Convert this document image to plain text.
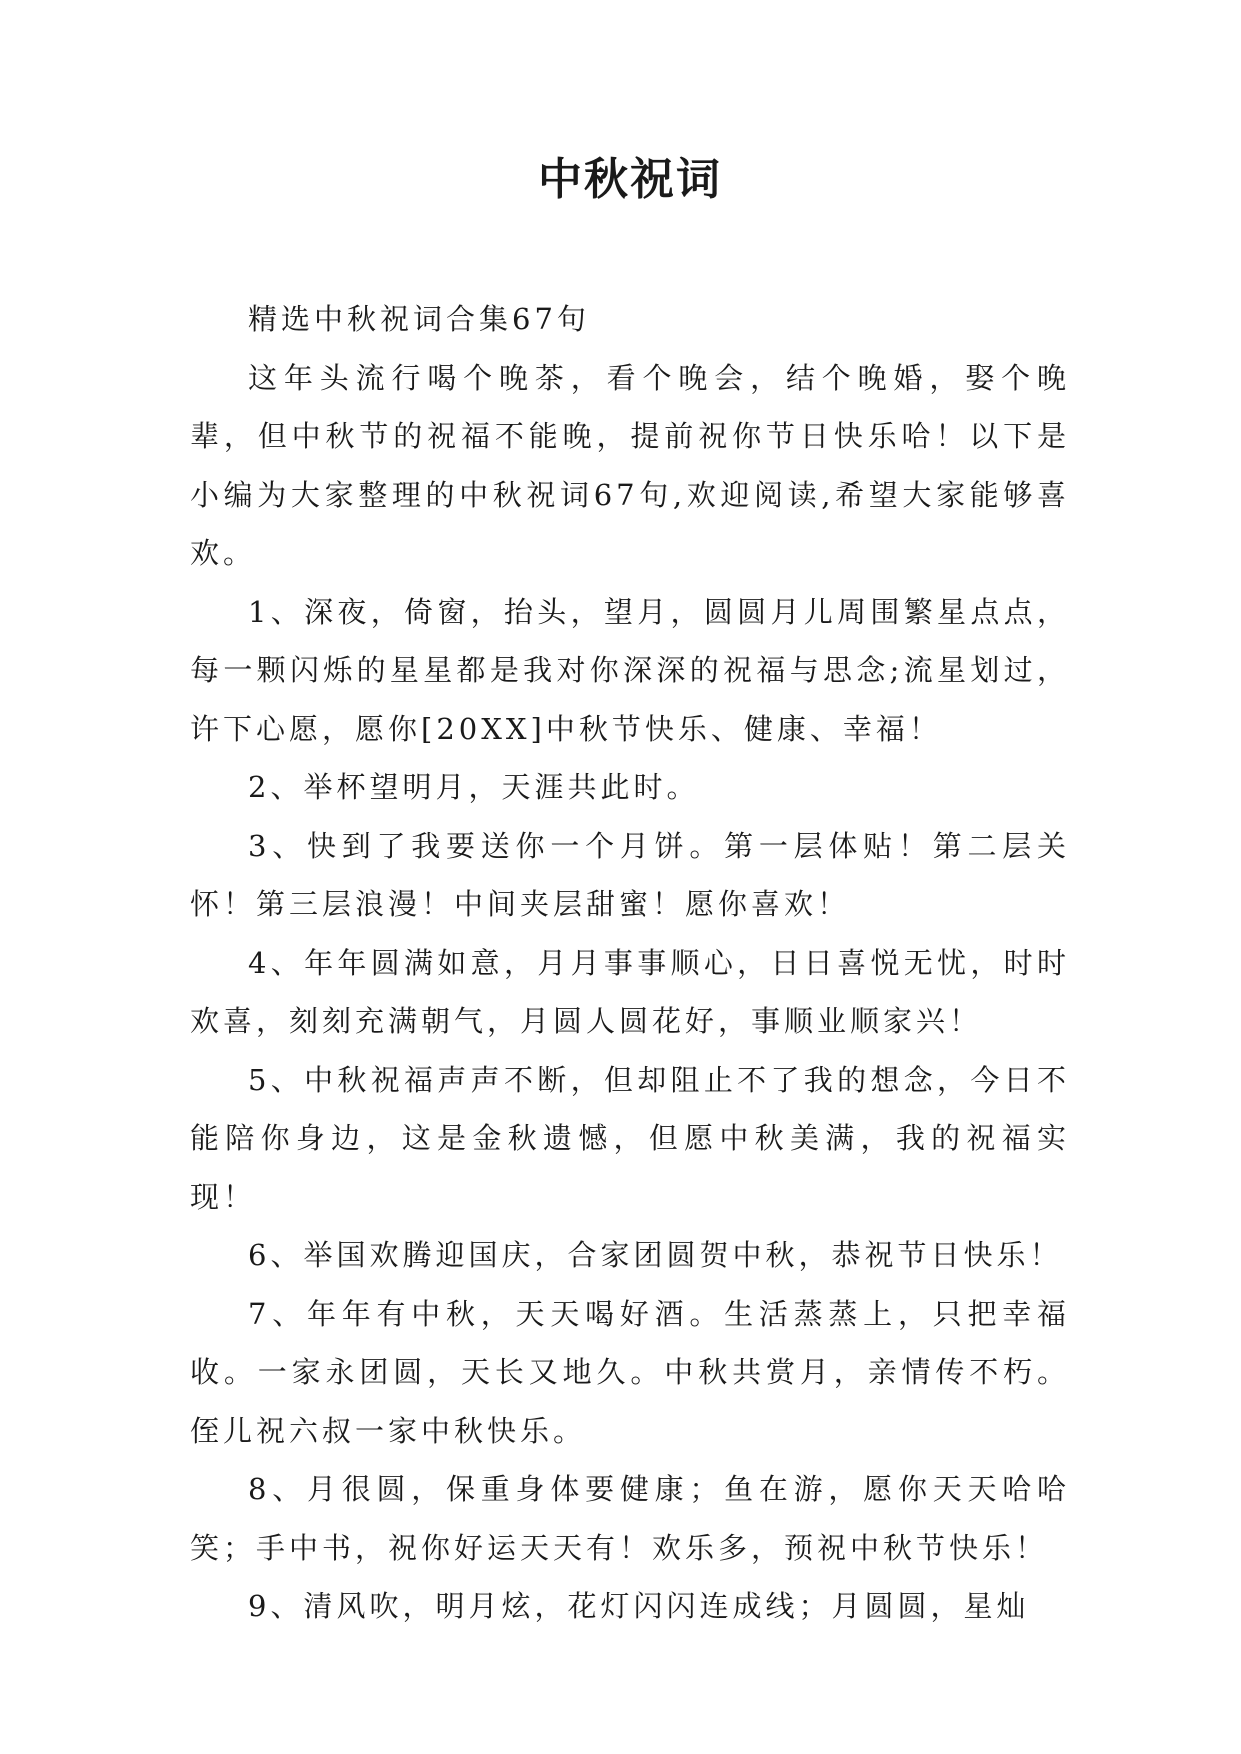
中秋祝词

精选中秋祝词合集67句

这年头流行喝个晚茶，看个晚会，结个晚婚，娶个晚辈，但中秋节的祝福不能晚，提前祝你节日快乐哈！以下是小编为大家整理的中秋祝词67句,欢迎阅读,希望大家能够喜欢。

1、深夜，倚窗，抬头，望月，圆圆月儿周围繁星点点，每一颗闪烁的星星都是我对你深深的祝福与思念;流星划过，许下心愿，愿你[20XX]中秋节快乐、健康、幸福！

2、举杯望明月，天涯共此时。

3、快到了我要送你一个月饼。第一层体贴！第二层关怀！第三层浪漫！中间夹层甜蜜！愿你喜欢！

4、年年圆满如意，月月事事顺心，日日喜悦无忧，时时欢喜，刻刻充满朝气，月圆人圆花好，事顺业顺家兴！

5、中秋祝福声声不断，但却阻止不了我的想念，今日不能陪你身边，这是金秋遗憾，但愿中秋美满，我的祝福实现！

6、举国欢腾迎国庆，合家团圆贺中秋，恭祝节日快乐！

7、年年有中秋，天天喝好酒。生活蒸蒸上，只把幸福收。一家永团圆，天长又地久。中秋共赏月，亲情传不朽。侄儿祝六叔一家中秋快乐。

8、月很圆，保重身体要健康；鱼在游，愿你天天哈哈笑；手中书，祝你好运天天有！欢乐多，预祝中秋节快乐！

9、清风吹，明月炫，花灯闪闪连成线；月圆圆，星灿
